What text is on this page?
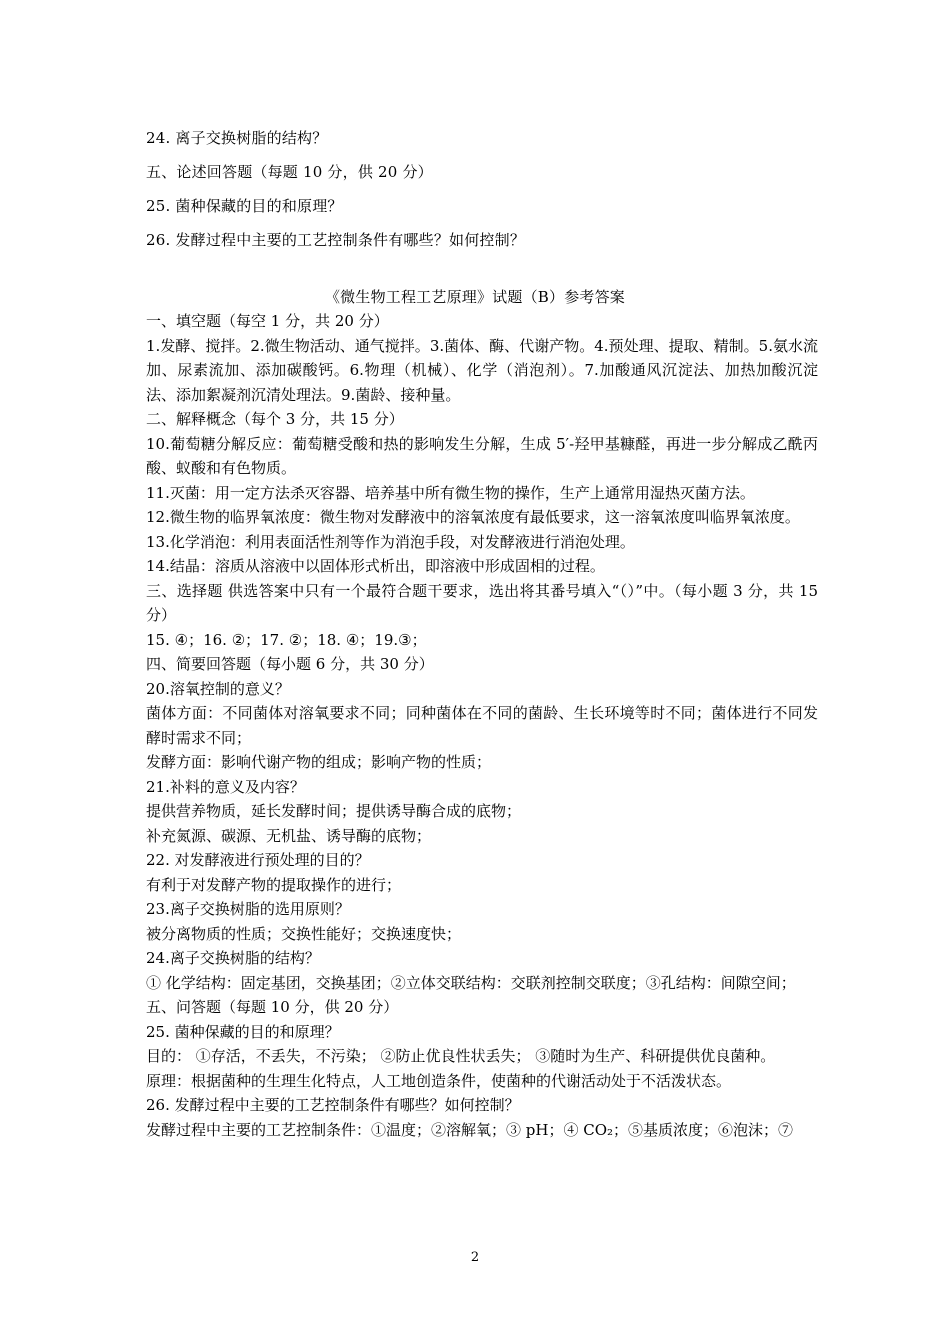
24. 离子交换树脂的结构？
五、论述回答题（每题 10 分，供 20 分）
25. 菌种保藏的目的和原理？
26. 发酵过程中主要的工艺控制条件有哪些？如何控制？
《微生物工程工艺原理》试题（B）参考答案

一、填空题（每空 1 分，共 20 分）

1.发酵、搅拌。2.微生物活动、通气搅拌。3.菌体、酶、代谢产物。4.预处理、提取、精制。5.氨水流加、尿素流加、添加碳酸钙。6.物理（机械）、化学（消泡剂）。7.加酸通风沉淀法、加热加酸沉淀法、添加絮凝剂沉清处理法。9.菌龄、接种量。

二、解释概念（每个 3 分，共 15 分）

10.葡萄糖分解反应：葡萄糖受酸和热的影响发生分解，生成 5′-羟甲基糠醛，再进一步分解成乙酰丙酸、蚁酸和有色物质。

11.灭菌：用一定方法杀灭容器、培养基中所有微生物的操作，生产上通常用湿热灭菌方法。

12.微生物的临界氧浓度：微生物对发酵液中的溶氧浓度有最低要求，这一溶氧浓度叫临界氧浓度。

13.化学消泡：利用表面活性剂等作为消泡手段，对发酵液进行消泡处理。

14.结晶：溶质从溶液中以固体形式析出，即溶液中形成固相的过程。

三、选择题 供选答案中只有一个最符合题干要求，选出将其番号填入“（）”中。（每小题 3 分，共 15 分）

15. ④；16. ②；17. ②；18. ④；19.③；

四、简要回答题（每小题 6 分，共 30 分）

20.溶氧控制的意义？

菌体方面：不同菌体对溶氧要求不同；同种菌体在不同的菌龄、生长环境等时不同；菌体进行不同发酵时需求不同；

发酵方面：影响代谢产物的组成；影响产物的性质；

21.补料的意义及内容？

提供营养物质，延长发酵时间；提供诱导酶合成的底物；

补充氮源、碳源、无机盐、诱导酶的底物；

22. 对发酵液进行预处理的目的？

有利于对发酵产物的提取操作的进行；

23.离子交换树脂的选用原则？

被分离物质的性质；交换性能好；交换速度快；

24.离子交换树脂的结构？

① 化学结构：固定基团，交换基团；②立体交联结构：交联剂控制交联度；③孔结构：间隙空间；

五、问答题（每题 10 分，供 20 分）

25. 菌种保藏的目的和原理？

目的： ①存活，不丢失，不污染； ②防止优良性状丢失； ③随时为生产、科研提供优良菌种。

原理：根据菌种的生理生化特点，人工地创造条件，使菌种的代谢活动处于不活泼状态。

26. 发酵过程中主要的工艺控制条件有哪些？如何控制？

发酵过程中主要的工艺控制条件：①温度；②溶解氧；③ pH；④ CO₂；⑤基质浓度；⑥泡沫；⑦

2
